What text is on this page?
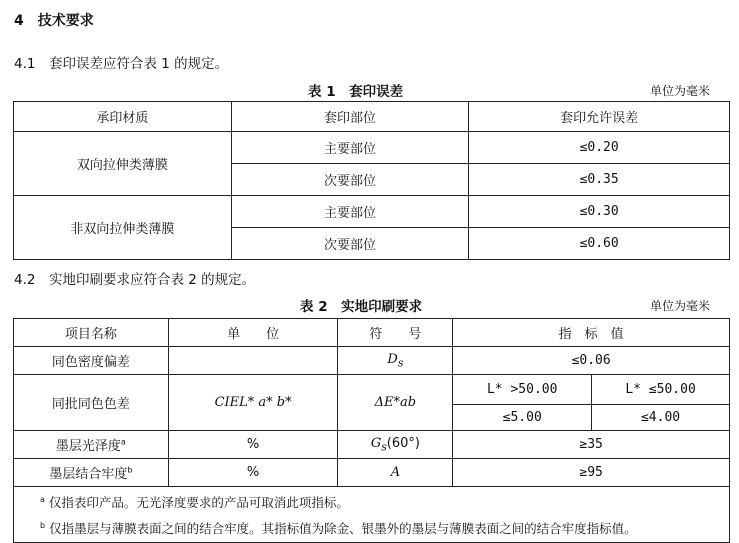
4　技术要求
4.1　套印误差应符合表 1 的规定。
表 1　套印误差	单位为毫米
承印材质	套印部位	套印允许误差
双向拉伸类薄膜	主要部位	≤0.20
	次要部位	≤0.35
非双向拉伸类薄膜	主要部位	≤0.30
	次要部位	≤0.60
4.2　实地印刷要求应符合表 2 的规定。
表 2　实地印刷要求	单位为毫米
项目名称	单　　位	符　　号	指　标　值	
同色密度偏差		$D_s$	≤0.06	
同批同色色差	CIEL* a* b*	ΔE*ab	L* >50.00	L* ≤50.00
			≤5.00	≤4.00
墨层光泽度$^a$	%	$G_s(60^\circ)$	≥35	
墨层结合牢度$^b$	%	A	≥95	

$^a$ 仅指表印产品。无光泽度要求的产品可取消此项指标。
$^b$ 仅指墨层与薄膜表面之间的结合牢度。其指标值为除金、银墨外的墨层与薄膜表面之间的结合牢度指标值。				
